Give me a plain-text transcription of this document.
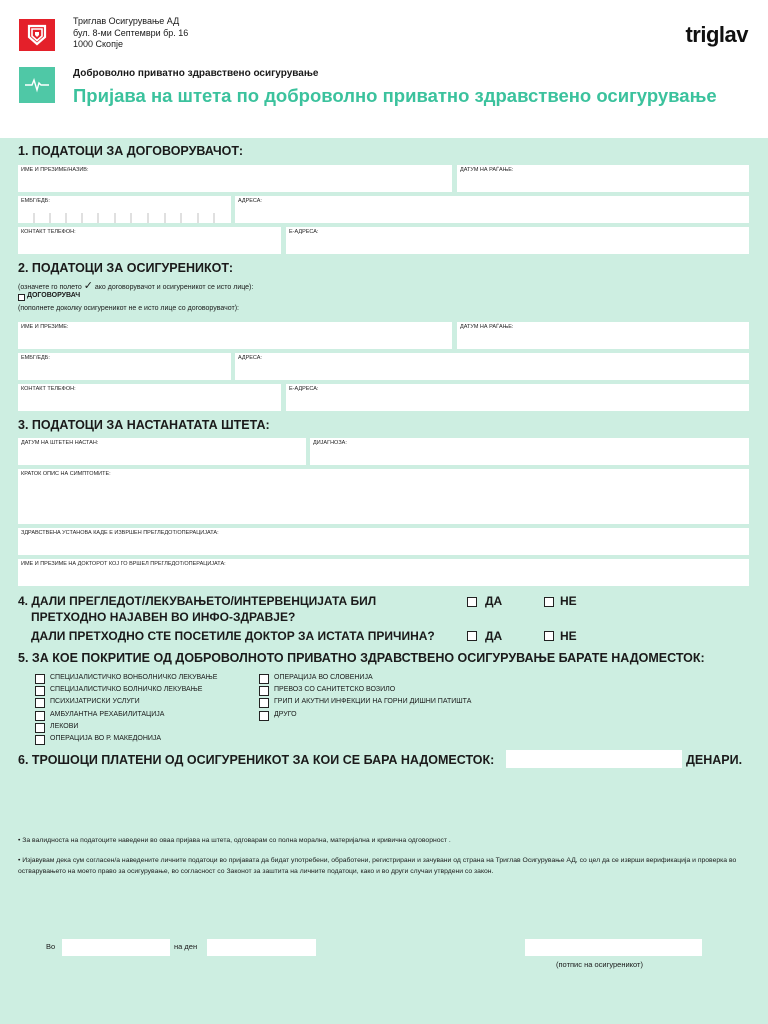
Триглав Осигурување АД
бул. 8-ми Септември бр. 16
1000 Скопје	triglav
Доброволно приватно здравствено осигурување
Пријава на штета по доброволно приватно здравствено осигурување
1. ПОДАТОЦИ ЗА ДОГОВОРУВАЧОТ:
ИМЕ И ПРЕЗИМЕ/НАЗИВ:	ДАТУМ НА РАЃАЊЕ:
ЕМБГ/ЕДБ:	АДРЕСА:
КОНТАКТ ТЕЛЕФОН:	Е-АДРЕСА:
2. ПОДАТОЦИ ЗА ОСИГУРЕНИКОТ:
(означете го полето ✓ ако договорувачот и осигуреникот се исто лице):
ДОГОВОРУВАЧ
(пополнете доколку осигуреникот не е исто лице со договорувачот):
ИМЕ И ПРЕЗИМЕ:	ДАТУМ НА РАЃАЊЕ:
ЕМБГ/ЕДБ:	АДРЕСА:
КОНТАКТ ТЕЛЕФОН:	Е-АДРЕСА:
3. ПОДАТОЦИ ЗА НАСТАНАТАТА ШТЕТА:
ДАТУМ НА ШТЕТЕН НАСТАН:	ДИЈАГНОЗА:
КРАТОК ОПИС НА СИМПТОМИТЕ:
ЗДРАВСТВЕНА УСТАНОВА КАДЕ Е ИЗВРШЕН ПРЕГЛЕДОТ/ОПЕРАЦИЈАТА:
ИМЕ И ПРЕЗИМЕ НА ДОКТОРОТ КОЈ ГО ВРШЕЛ ПРЕГЛЕДОТ/ОПЕРАЦИЈАТА:
4. ДАЛИ ПРЕГЛЕДОТ/ЛЕКУВАЊЕТО/ИНТЕРВЕНЦИЈАТА БИЛ
ПРЕТХОДНО НАЈАВЕН ВО ИНФО-ЗДРАВЈЕ?
ДА	НЕ
ДАЛИ ПРЕТХОДНО СТЕ ПОСЕТИЛЕ ДОКТОР ЗА ИСТАТА ПРИЧИНА?	ДА	НЕ
5. ЗА КОЕ ПОКРИТИЕ ОД ДОБРОВОЛНОТО ПРИВАТНО ЗДРАВСТВЕНО ОСИГУРУВАЊЕ БАРАТЕ НАДОМЕСТОК:
СПЕЦИЈАЛИСТИЧКО ВОНБОЛНИЧКО ЛЕКУВАЊЕ
СПЕЦИЈАЛИСТИЧКО БОЛНИЧКО ЛЕКУВАЊЕ
ПСИХИЈАТРИСКИ УСЛУГИ
АМБУЛАНТНА РЕХАБИЛИТАЦИЈА
ЛЕКОВИ
ОПЕРАЦИЈА ВО Р. МАКЕДОНИЈА
ОПЕРАЦИЈА ВО СЛОВЕНИЈА
ПРЕВОЗ СО САНИТЕТСКО ВОЗИЛО
ГРИП И АКУТНИ ИНФЕКЦИИ НА ГОРНИ ДИШНИ ПАТИШТА
ДРУГО
6. ТРОШОЦИ ПЛАТЕНИ ОД ОСИГУРЕНИКОТ ЗА КОИ СЕ БАРА НАДОМЕСТОК:	ДЕНАРИ.
• За валидноста на податоците наведени во оваа пријава на штета, одговарам со полна морална, материјална и кривична одговорност .
• Изјавувам дека сум согласен/а наведените личните податоци во пријавата да бидат употребени, обработени, регистрирани и зачувани од страна на Триглав Осигурување АД, со цел да се изврши верификација и проверка во остварувањето на моето право за осигурување, во согласност со Законот за заштита на личните податоци, како и во други случаи утврдени со закон.
Во	на ден
(потпис на осигуреникот)
